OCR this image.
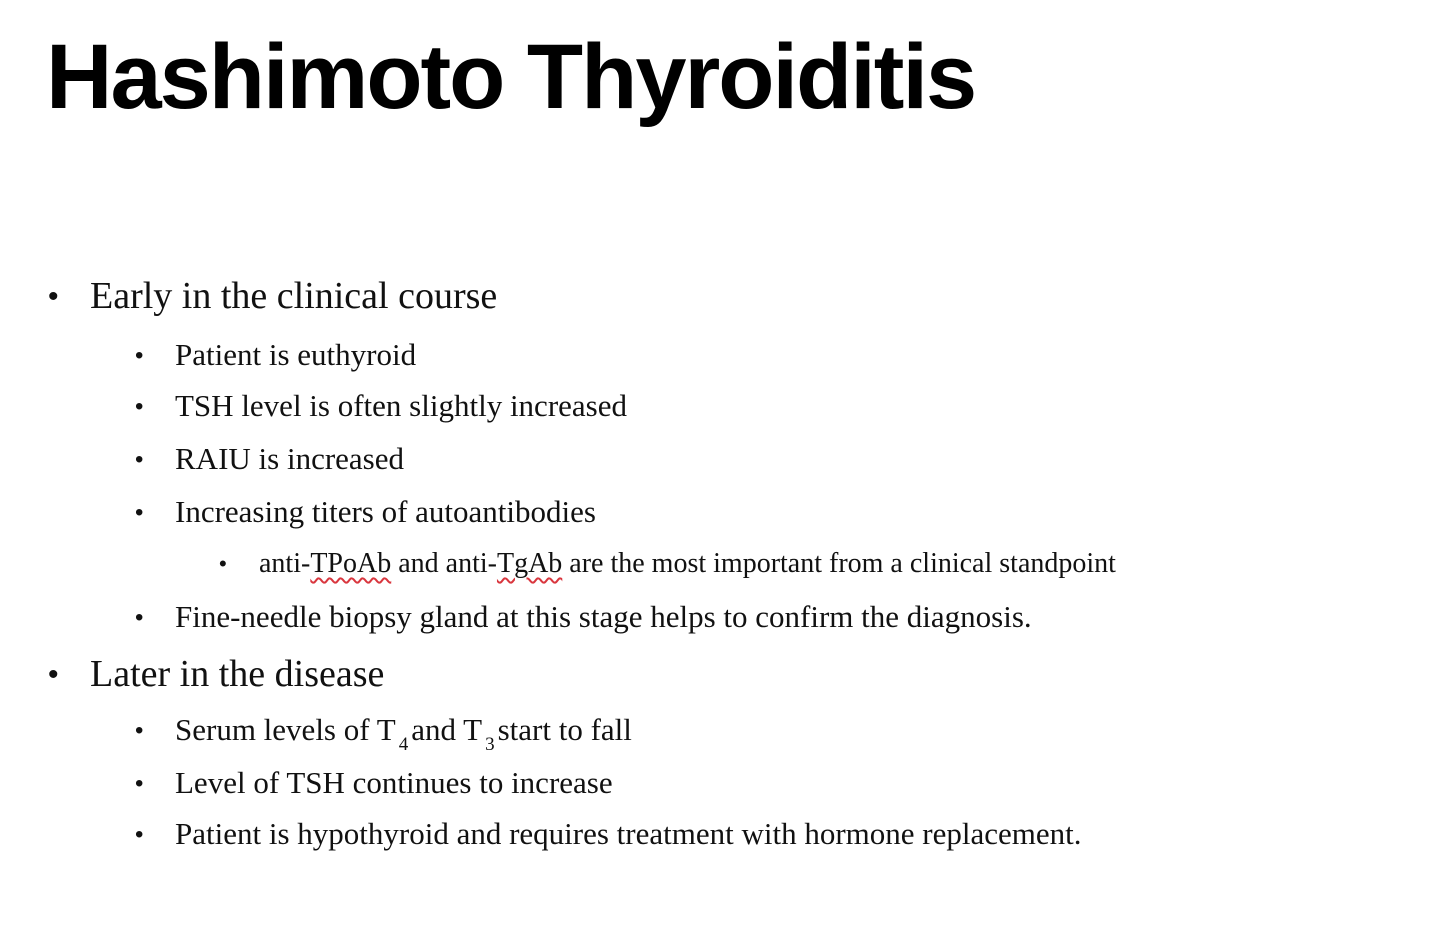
Hashimoto Thyroiditis
• Early in the clinical course
• Patient is euthyroid
• TSH level is often slightly increased
• RAIU is increased
• Increasing titers of autoantibodies
• anti-TPoAb and anti-TgAb are the most important from a clinical standpoint
• Fine-needle biopsy gland at this stage helps to confirm the diagnosis.
• Later in the disease
• Serum levels of T $_4$and T $_3$start to fall
• Level of TSH continues to increase
• Patient is hypothyroid and requires treatment with hormone replacement.
